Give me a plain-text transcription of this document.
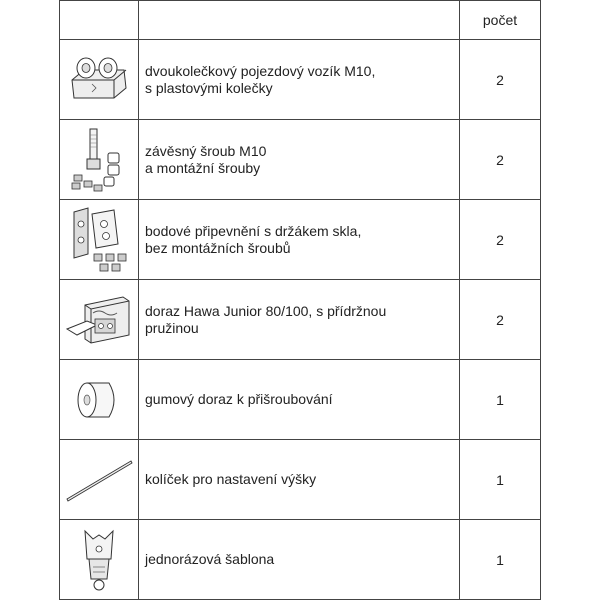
		počet

dvoukolečkový pojezdový vozík M10,
s plastovými kolečky	2

závěsný šroub M10
a montážní šrouby	2

bodové připevnění s držákem skla,
bez montážních šroubů	2

doraz Hawa Junior 80/100, s přídržnou
pružinou	2

gumový doraz k přišroubování	1

kolíček pro nastavení výšky	1

jednorázová šablona	1
